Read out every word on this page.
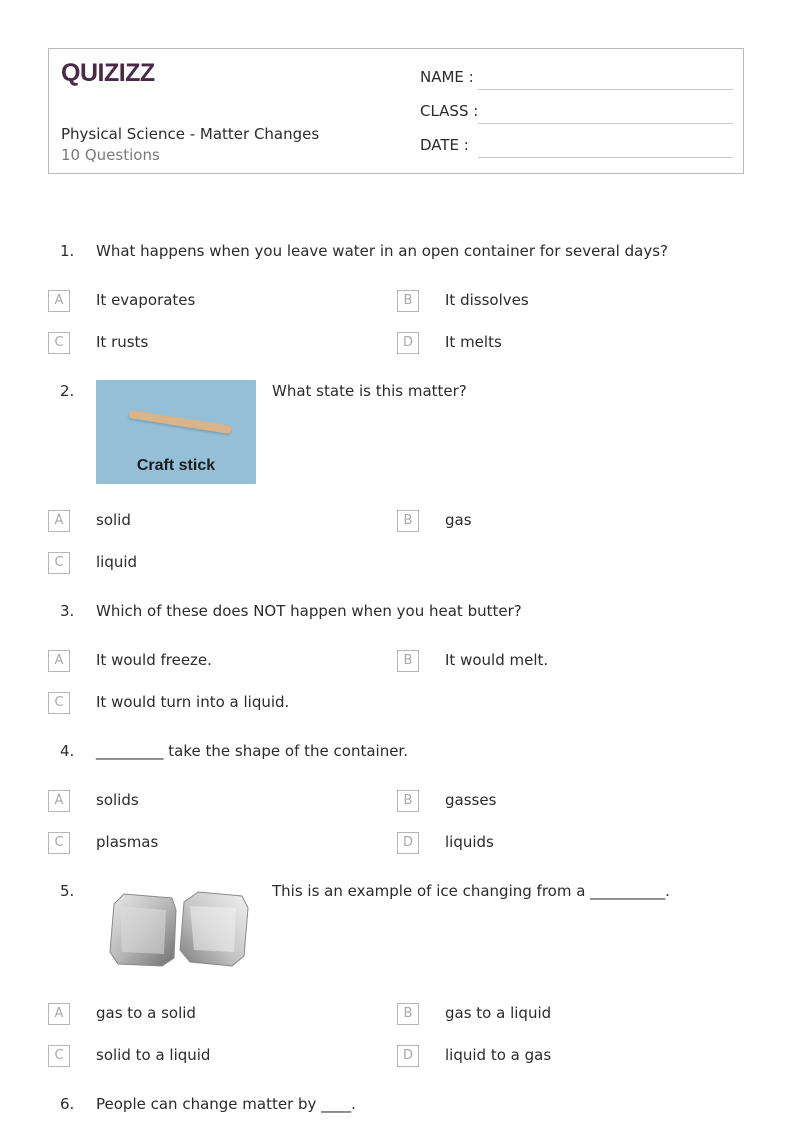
QUIZIZZ
Physical Science - Matter Changes
10 Questions
NAME :
CLASS :
DATE :
1. What happens when you leave water in an open container for several days?
A	It evaporates	B	It dissolves
C	It rusts	D	It melts
2.
Craft stick
What state is this matter?
A	solid	B	gas
C	liquid
3. Which of these does NOT happen when you heat butter?
A	It would freeze.	B	It would melt.
C	It would turn into a liquid.
4. _________ take the shape of the container.
A	solids	B	gasses
C	plasmas	D	liquids
5.	This is an example of ice changing from a __________.
A	gas to a solid	B	gas to a liquid
C	solid to a liquid	D	liquid to a gas
6. People can change matter by ____.
